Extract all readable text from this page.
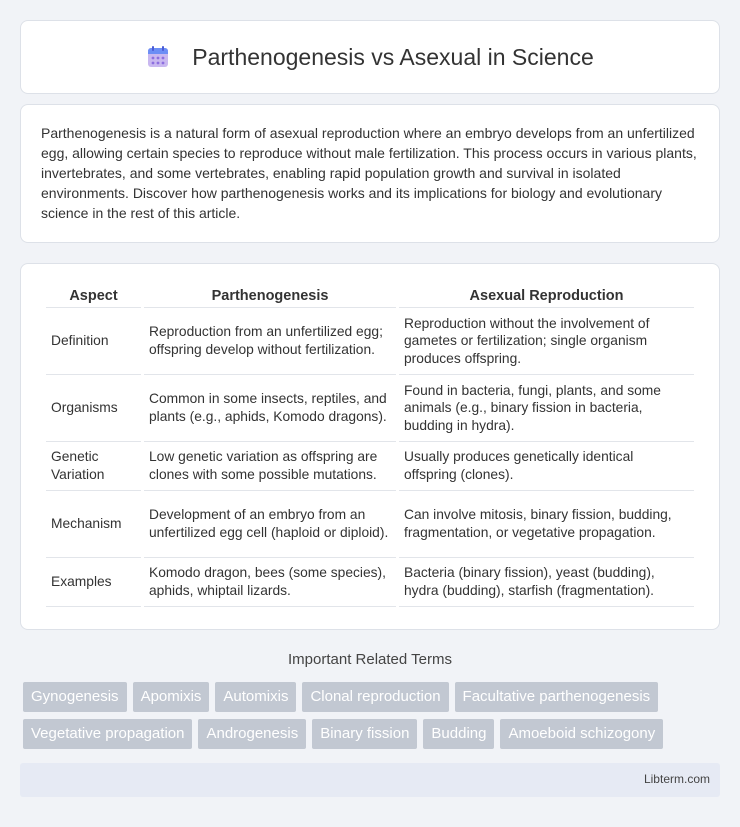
Parthenogenesis vs Asexual in Science

Parthenogenesis is a natural form of asexual reproduction where an embryo develops from an unfertilized egg, allowing certain species to reproduce without male fertilization. This process occurs in various plants, invertebrates, and some vertebrates, enabling rapid population growth and survival in isolated environments. Discover how parthenogenesis works and its implications for biology and evolutionary science in the rest of this article.

Aspect	Parthenogenesis	Asexual Reproduction
Definition	Reproduction from an unfertilized egg; offspring develop without fertilization.	Reproduction without the involvement of gametes or fertilization; single organism produces offspring.
Organisms	Common in some insects, reptiles, and plants (e.g., aphids, Komodo dragons).	Found in bacteria, fungi, plants, and some animals (e.g., binary fission in bacteria, budding in hydra).
Genetic Variation	Low genetic variation as offspring are clones with some possible mutations.	Usually produces genetically identical offspring (clones).
Mechanism	Development of an embryo from an unfertilized egg cell (haploid or diploid).	Can involve mitosis, binary fission, budding, fragmentation, or vegetative propagation.
Examples	Komodo dragon, bees (some species), aphids, whiptail lizards.	Bacteria (binary fission), yeast (budding), hydra (budding), starfish (fragmentation).
Important Related Terms
Gynogenesis	Apomixis	Automixis	Clonal reproduction	Facultative parthenogenesis
Vegetative propagation	Androgenesis	Binary fission	Budding	Amoeboid schizogony
Libterm.com
